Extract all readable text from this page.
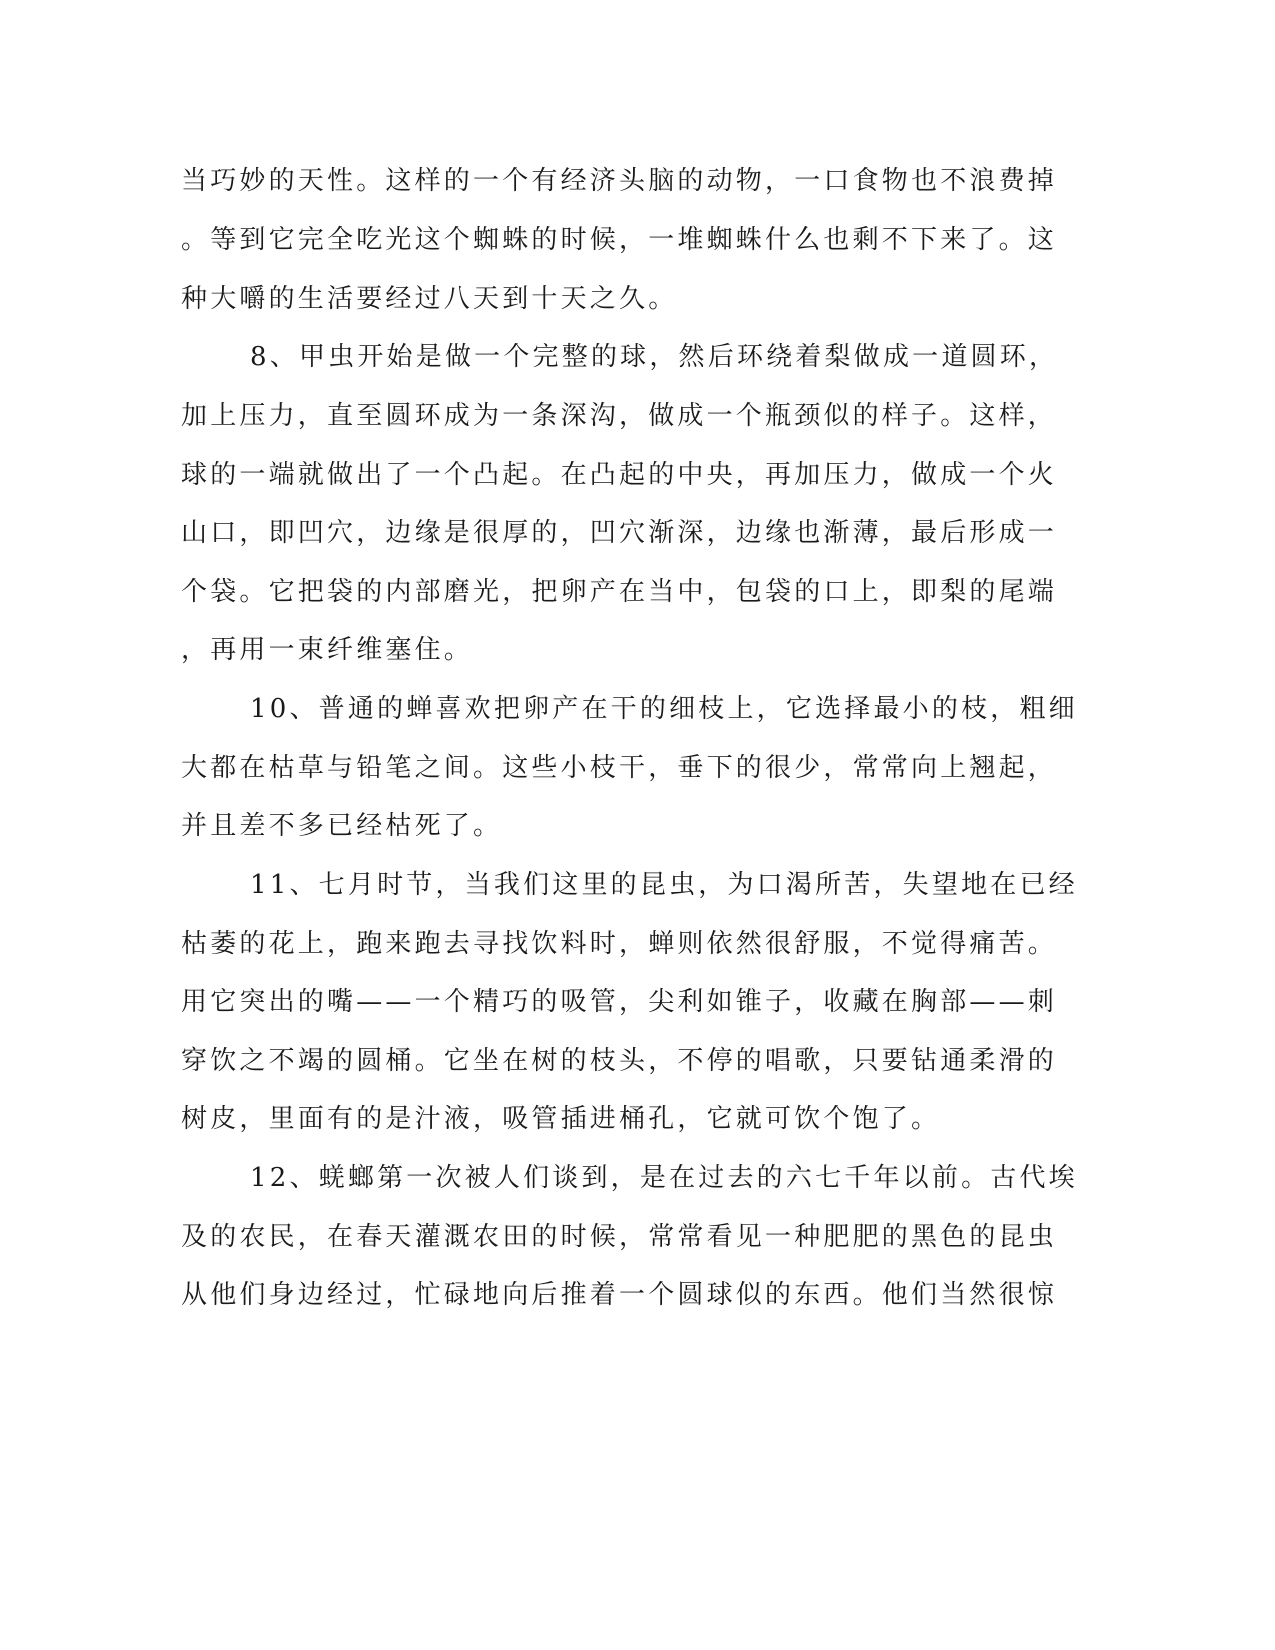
当巧妙的天性。这样的一个有经济头脑的动物，一口食物也不浪费掉
。等到它完全吃光这个蜘蛛的时候，一堆蜘蛛什么也剩不下来了。这
种大嚼的生活要经过八天到十天之久。
8、甲虫开始是做一个完整的球，然后环绕着梨做成一道圆环，
加上压力，直至圆环成为一条深沟，做成一个瓶颈似的样子。这样，
球的一端就做出了一个凸起。在凸起的中央，再加压力，做成一个火
山口，即凹穴，边缘是很厚的，凹穴渐深，边缘也渐薄，最后形成一
个袋。它把袋的内部磨光，把卵产在当中，包袋的口上，即梨的尾端
，再用一束纤维塞住。
10、普通的蝉喜欢把卵产在干的细枝上，它选择最小的枝，粗细
大都在枯草与铅笔之间。这些小枝干，垂下的很少，常常向上翘起，
并且差不多已经枯死了。
11、七月时节，当我们这里的昆虫，为口渴所苦，失望地在已经
枯萎的花上，跑来跑去寻找饮料时，蝉则依然很舒服，不觉得痛苦。
用它突出的嘴——一个精巧的吸管，尖利如锥子，收藏在胸部——刺
穿饮之不竭的圆桶。它坐在树的枝头，不停的唱歌，只要钻通柔滑的
树皮，里面有的是汁液，吸管插进桶孔，它就可饮个饱了。
12、蜣螂第一次被人们谈到，是在过去的六七千年以前。古代埃
及的农民，在春天灌溉农田的时候，常常看见一种肥肥的黑色的昆虫
从他们身边经过，忙碌地向后推着一个圆球似的东西。他们当然很惊
